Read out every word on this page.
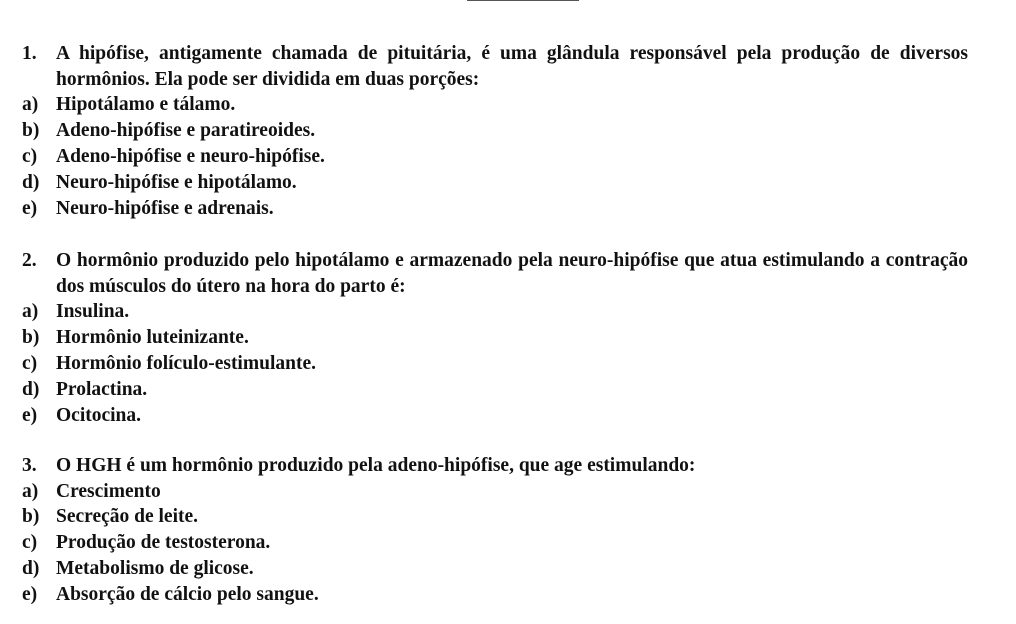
1. A hipófise, antigamente chamada de pituitária, é uma glândula responsável pela produção de diversos hormônios. Ela pode ser dividida em duas porções:
a) Hipotálamo e tálamo.
b) Adeno-hipófise e paratireoides.
c) Adeno-hipófise e neuro-hipófise.
d) Neuro-hipófise e hipotálamo.
e) Neuro-hipófise e adrenais.
2. O hormônio produzido pelo hipotálamo e armazenado pela neuro-hipófise que atua estimulando a contração dos músculos do útero na hora do parto é:
a) Insulina.
b) Hormônio luteinizante.
c) Hormônio folículo-estimulante.
d) Prolactina.
e) Ocitocina.
3. O HGH é um hormônio produzido pela adeno-hipófise, que age estimulando:
a) Crescimento
b) Secreção de leite.
c) Produção de testosterona.
d) Metabolismo de glicose.
e) Absorção de cálcio pelo sangue.
